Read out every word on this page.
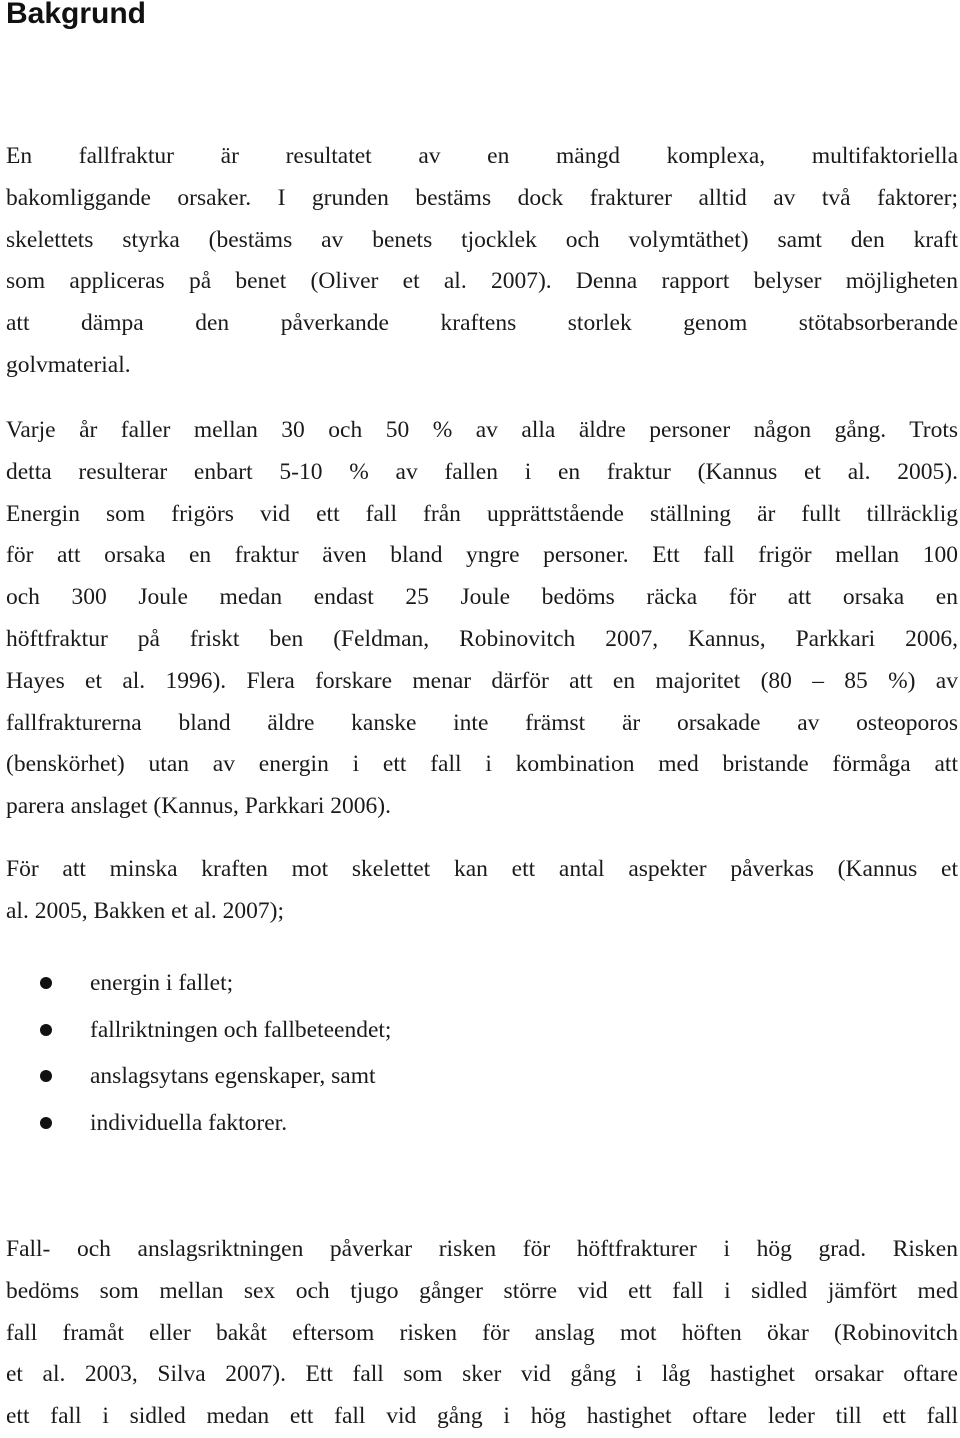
Bakgrund
En fallfraktur är resultatet av en mängd komplexa, multifaktoriella
bakomliggande orsaker. I grunden bestäms dock frakturer alltid av två faktorer;
skelettets styrka (bestäms av benets tjocklek och volymtäthet) samt den kraft
som appliceras på benet (Oliver et al. 2007). Denna rapport belyser möjligheten
att dämpa den påverkande kraftens storlek genom stötabsorberande
golvmaterial.
Varje år faller mellan 30 och 50 % av alla äldre personer någon gång. Trots
detta resulterar enbart 5-10 % av fallen i en fraktur (Kannus et al. 2005).
Energin som frigörs vid ett fall från upprättstående ställning är fullt tillräcklig
för att orsaka en fraktur även bland yngre personer. Ett fall frigör mellan 100
och 300 Joule medan endast 25 Joule bedöms räcka för att orsaka en
höftfraktur på friskt ben (Feldman, Robinovitch 2007, Kannus, Parkkari 2006,
Hayes et al. 1996). Flera forskare menar därför att en majoritet (80 – 85 %) av
fallfrakturerna bland äldre kanske inte främst är orsakade av osteoporos
(benskörhet) utan av energin i ett fall i kombination med bristande förmåga att
parera anslaget (Kannus, Parkkari 2006).
För att minska kraften mot skelettet kan ett antal aspekter påverkas (Kannus et
al. 2005, Bakken et al. 2007);
energin i fallet;
fallriktningen och fallbeteendet;
anslagsytans egenskaper, samt
individuella faktorer.
Fall- och anslagsriktningen påverkar risken för höftfrakturer i hög grad. Risken
bedöms som mellan sex och tjugo gånger större vid ett fall i sidled jämfört med
fall framåt eller bakåt eftersom risken för anslag mot höften ökar (Robinovitch
et al. 2003, Silva 2007). Ett fall som sker vid gång i låg hastighet orsakar oftare
ett fall i sidled medan ett fall vid gång i hög hastighet oftare leder till ett fall
